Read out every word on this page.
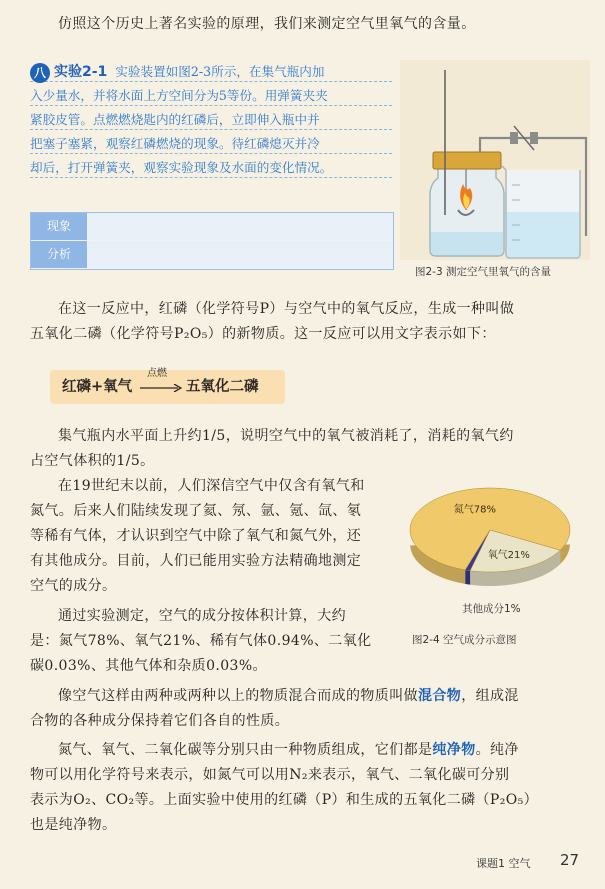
仿照这个历史上著名实验的原理，我们来测定空气里氧气的含量。
八 实验2-1 实验装置如图2-3所示，在集气瓶内加
入少量水，并将水面上方空间分为5等份。用弹簧夹夹
紧胶皮管。点燃燃烧匙内的红磷后，立即伸入瓶中并
把塞子塞紧，观察红磷燃烧的现象。待红磷熄灭并冷
却后，打开弹簧夹，观察实验现象及水面的变化情况。
现象
分析
图2-3 测定空气里氧气的含量
在这一反应中，红磷（化学符号P）与空气中的氧气反应，生成一种叫做
五氧化二磷（化学符号P₂O₅）的新物质。这一反应可以用文字表示如下：
红磷+氧气
点燃
→ 五氧化二磷
集气瓶内水平面上升约1/5，说明空气中的氧气被消耗了，消耗的氧气约
占空气体积的1/5。
在19世纪末以前，人们深信空气中仅含有氧气和
氮气。后来人们陆续发现了氦、氖、氩、氪、氙、氡
等稀有气体，才认识到空气中除了氧气和氮气外，还
有其他成分。目前，人们已能用实验方法精确地测定
空气的成分。
通过实验测定，空气的成分按体积计算，大约
是：氮气78%、氧气21%、稀有气体0.94%、二氧化
碳0.03%、其他气体和杂质0.03%。
氮气78%
氧气21%
其他成分1%
图2-4 空气成分示意图
像空气这样由两种或两种以上的物质混合而成的物质叫做混合物，组成混
合物的各种成分保持着它们各自的性质。
氮气、氧气、二氧化碳等分别只由一种物质组成，它们都是纯净物。纯净
物可以用化学符号来表示，如氮气可以用N₂来表示，氧气、二氧化碳可分别
表示为O₂、CO₂等。上面实验中使用的红磷（P）和生成的五氧化二磷（P₂O₅）
也是纯净物。
课题1 空气 27
